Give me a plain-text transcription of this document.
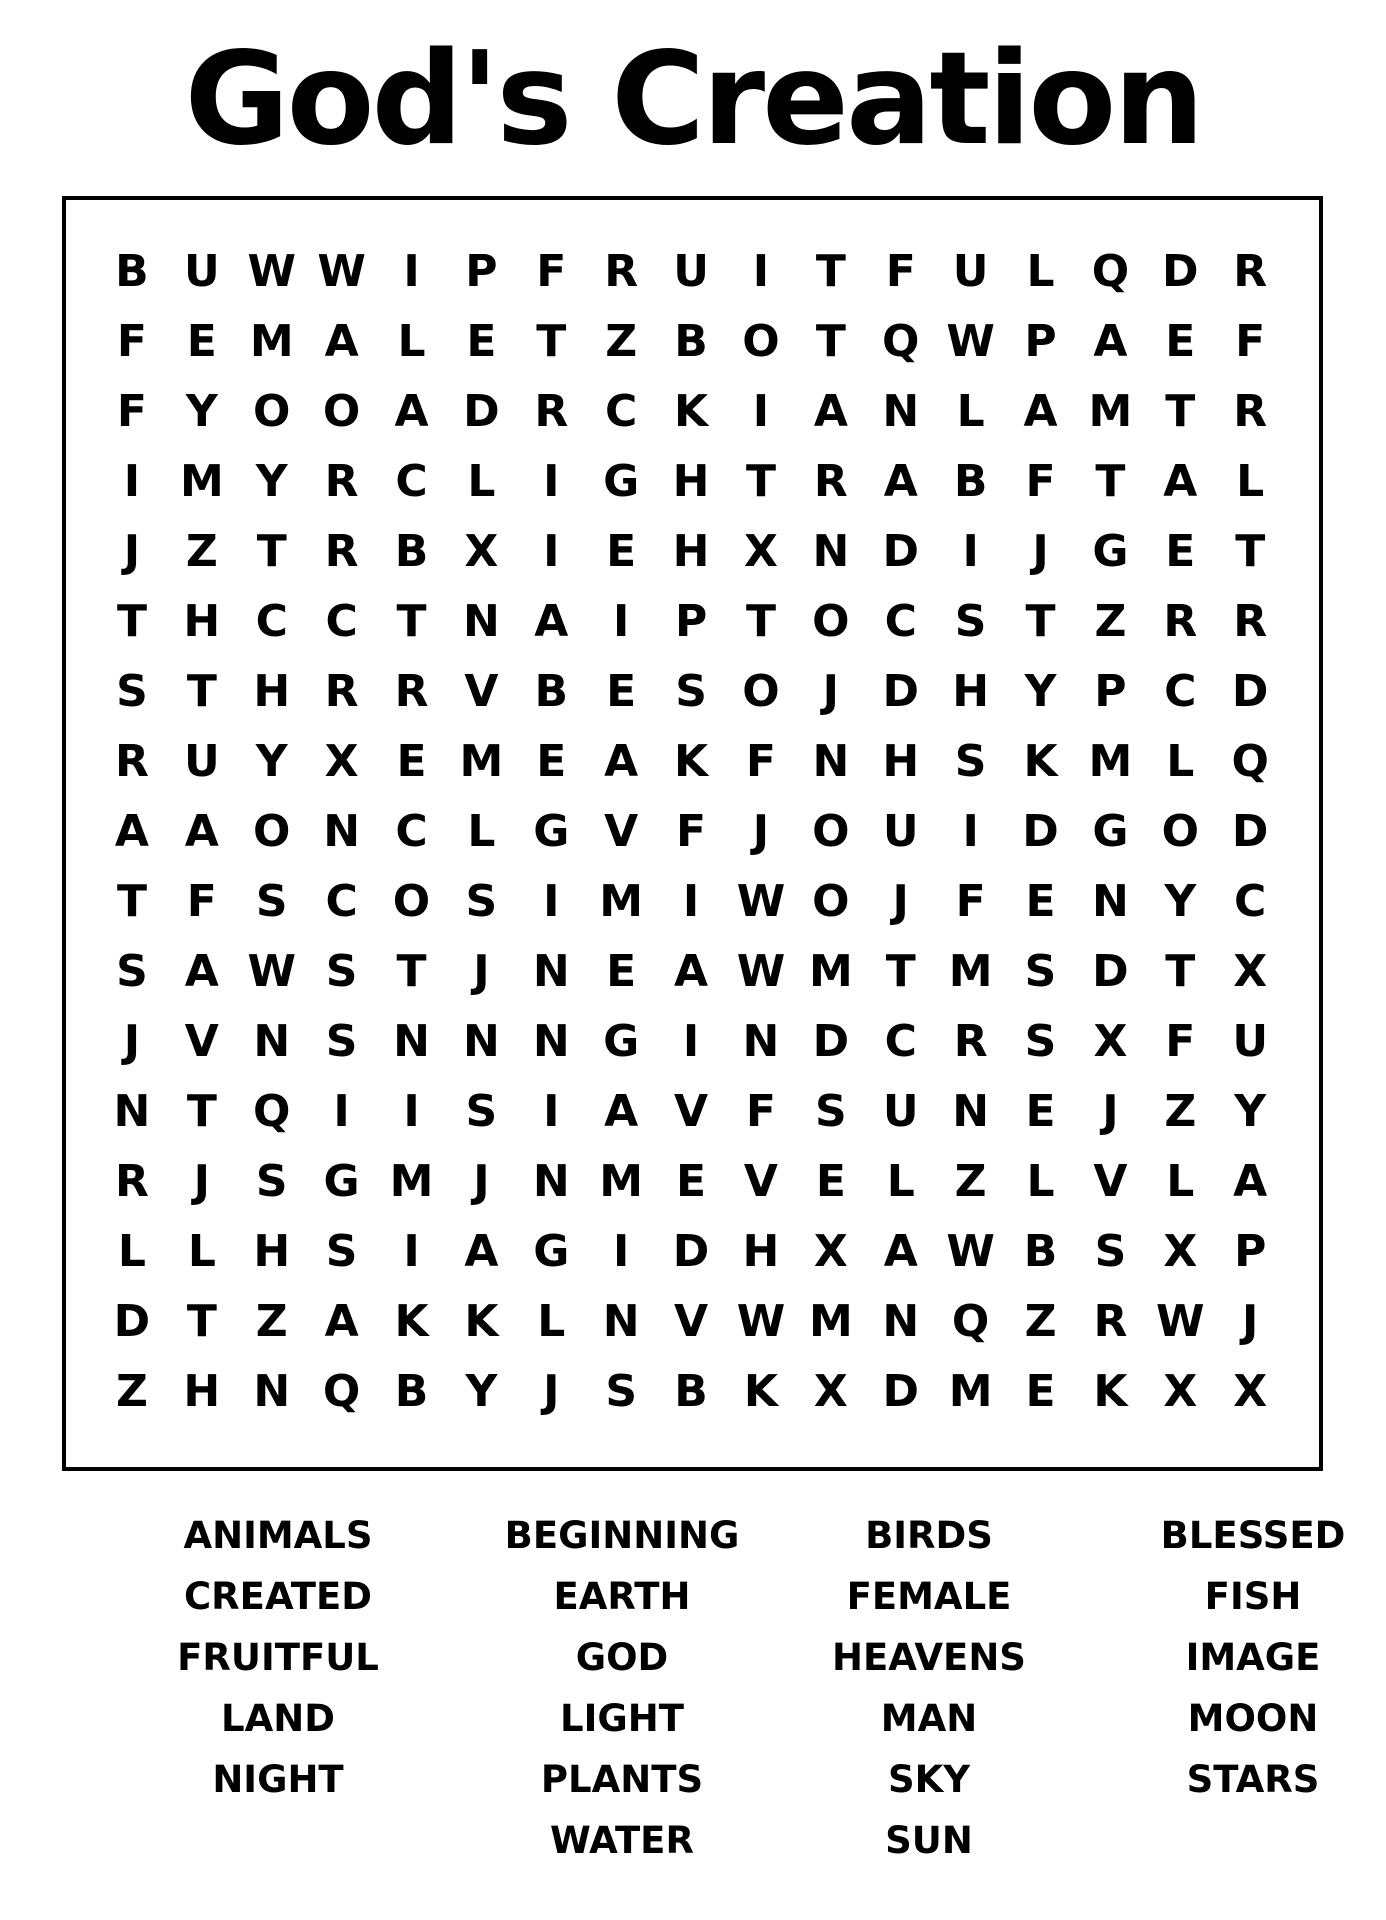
God's Creation
B U W W I	P F R U I	T F U L Q D R
F E M A L E T Z B O T Q W P A E F
F Y O O A D R C K	I	A N L A M T R
I M Y R C L	I G H T R A B F T A L
J	Z T R B X	I	E H X N D I	J G E T
T H C C T N A	I	P T O C S T Z R R
S T H R R V B E S O J D H Y P C D
R U Y X E M E A K F N H S K M L Q
A A O N C L G V F	J O U I D G O D
T F S C O S	I M I W O J	F E N Y C
S A W S T	J N E A W M T M S D T X
J	V N S N N N G I N D C R S X F U
N T Q I	I	S	I	A V F S U N E	J	Z Y
R	J	S G M J N M E V E L Z L V L A
L L H S	I	A G I D H X A W B S X P
D T Z A K K L N V W M N Q Z R W J
Z H N Q B Y	J	S B K X D M E K X X
ANIMALS
CREATED
FRUITFUL
LAND
NIGHT
BEGINNING
EARTH
GOD
LIGHT
PLANTS
WATER
BIRDS
FEMALE
HEAVENS
MAN
SKY
SUN
BLESSED
FISH
IMAGE
MOON
STARS
